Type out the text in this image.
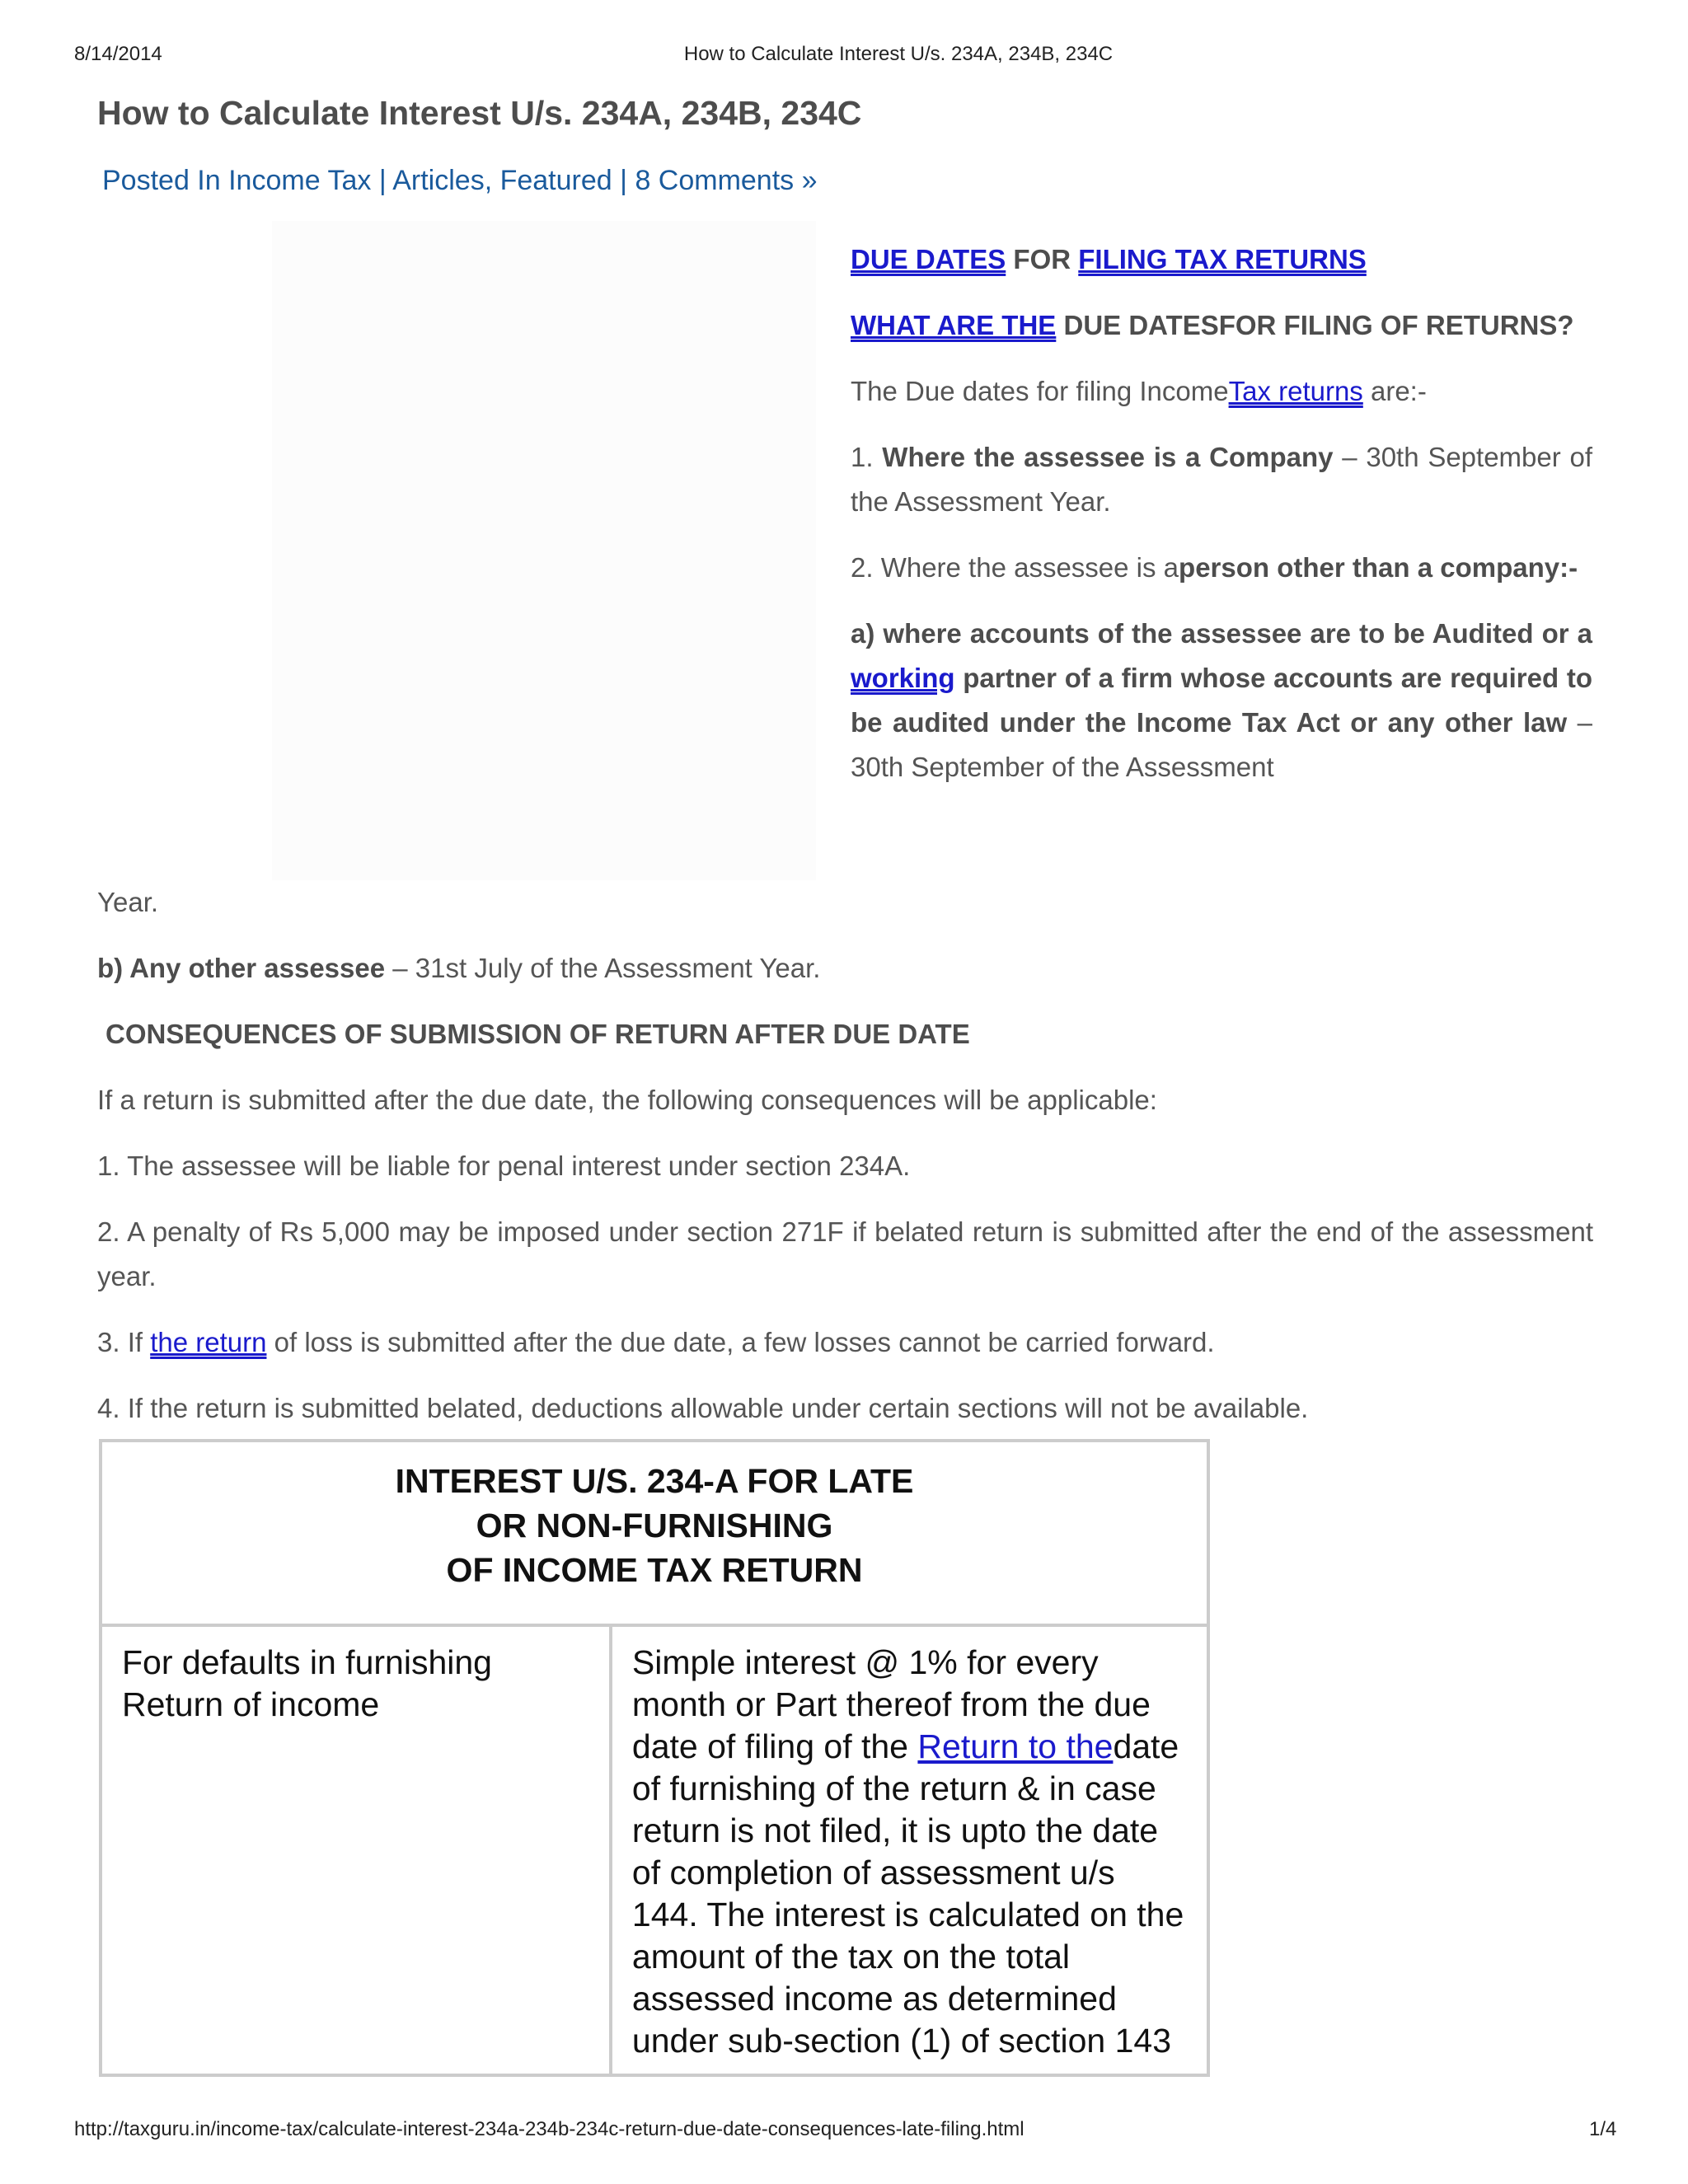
8/14/2014	How to Calculate Interest U/s. 234A, 234B, 234C
How to Calculate Interest U/s. 234A, 234B, 234C
Posted In Income Tax | Articles, Featured | 8 Comments »

DUE DATES FOR FILING TAX RETURNS

WHAT ARE THE DUE DATESFOR FILING OF RETURNS?

The Due dates for filing IncomeTax returns are:-

1. Where the assessee is a Company – 30th September of the Assessment Year.

2. Where the assessee is aperson other than a company:-

a) where accounts of the assessee are to be Audited or a working partner of a firm whose accounts are required to be audited under the Income Tax Act or any other law – 30th September of the Assessment

Year.

b) Any other assessee – 31st July of the Assessment Year.

CONSEQUENCES OF SUBMISSION OF RETURN AFTER DUE DATE

If a return is submitted after the due date, the following consequences will be applicable:

1. The assessee will be liable for penal interest under section 234A.

2. A penalty of Rs 5,000 may be imposed under section 271F if belated return is submitted after the end of the assessment year.

3. If the return of loss is submitted after the due date, a few losses cannot be carried forward.

4. If the return is submitted belated, deductions allowable under certain sections will not be available.

INTEREST U/S. 234-A FOR LATE
OR NON-FURNISHING
OF INCOME TAX RETURN

For defaults in furnishing Return of income	Simple interest @ 1% for every month or Part thereof from the due date of filing of the Return to thedate of furnishing of the return & in case return is not filed, it is upto the date of completion of assessment u/s 144. The interest is calculated on the amount of the tax on the total assessed income as determined under sub-section (1) of section 143
http://taxguru.in/income-tax/calculate-interest-234a-234b-234c-return-due-date-consequences-late-filing.html	1/4
